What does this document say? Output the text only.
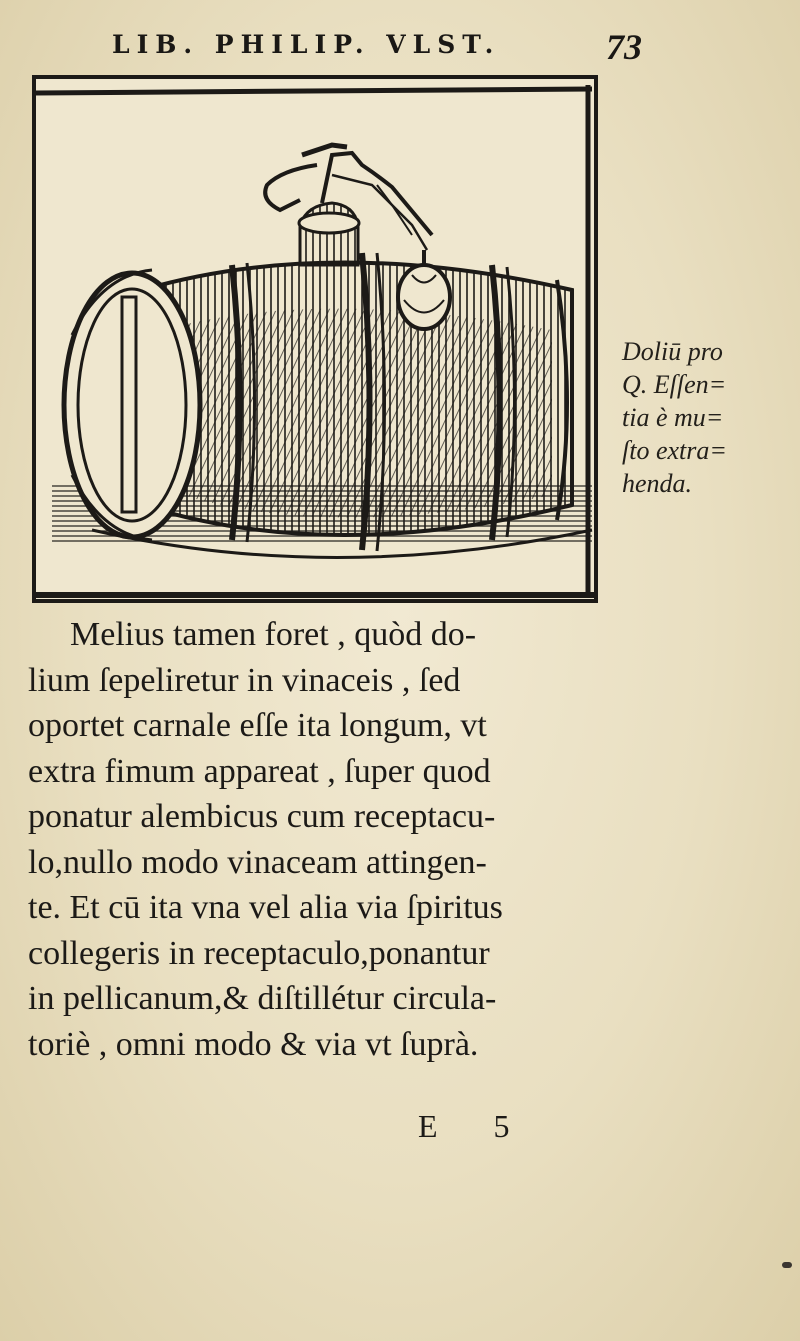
LIB. PHILIP. VLST.	73
Doliū pro
Q. Eſſen=
tia è mu=
ſto extra=
henda.
Melius tamen foret , quòd do-
lium ſepeliretur in vinaceis , ſed
oportet carnale eſſe ita longum, vt
extra fimum appareat , ſuper quod
ponatur alembicus cum receptacu-
lo,nullo modo vinaceam attingen-
te. Et cū ita vna vel alia via ſpiritus
collegeris in receptaculo,ponantur
in pellicanum,& diſtillétur circula-
toriè , omni modo & via vt ſuprà.
E 5
